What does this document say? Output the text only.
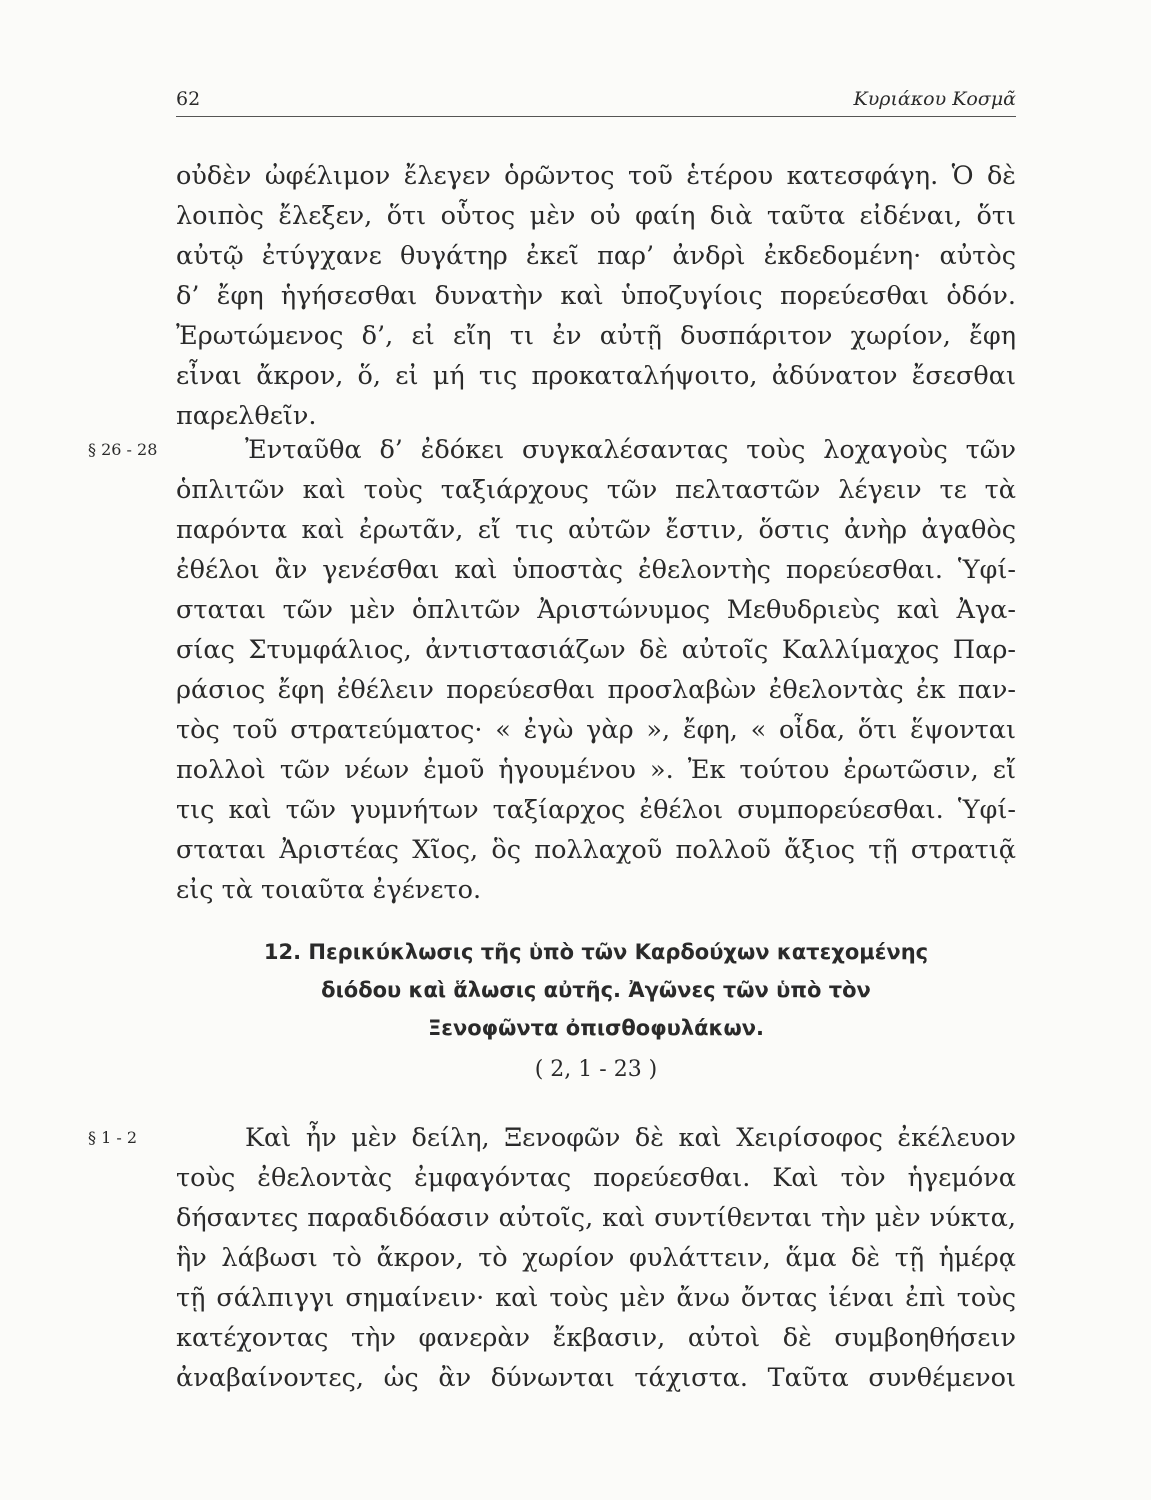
62	Κυριάκου Κοσμᾶ
οὐδὲν ὠφέλιμον ἔλεγεν ὁρῶντος τοῦ ἑτέρου κατεσφάγη. Ὁ δὲ
λοιπὸς ἔλεξεν, ὅτι οὗτος μὲν οὐ φαίη διὰ ταῦτα εἰδέναι, ὅτι
αὐτῷ ἐτύγχανε θυγάτηρ ἐκεῖ παρ’ ἀνδρὶ ἐκδεδομένη· αὐτὸς
δ’ ἔφη ἡγήσεσθαι δυνατὴν καὶ ὑποζυγίοις πορεύεσθαι ὁδόν.
Ἐρωτώμενος δ’, εἰ εἴη τι ἐν αὐτῇ δυσπάριτον χωρίον, ἔφη
εἶναι ἄκρον, ὅ, εἰ μή τις προκαταλήψοιτο, ἀδύνατον ἔσεσθαι
παρελθεῖν.
§ 26 - 28	Ἐνταῦθα δ’ ἐδόκει συγκαλέσαντας τοὺς λοχαγοὺς τῶν
ὁπλιτῶν καὶ τοὺς ταξιάρχους τῶν πελταστῶν λέγειν τε τὰ
παρόντα καὶ ἐρωτᾶν, εἴ τις αὐτῶν ἔστιν, ὅστις ἀνὴρ ἀγαθὸς
ἐθέλοι ἂν γενέσθαι καὶ ὑποστὰς ἐθελοντὴς πορεύεσθαι. Ὑφί-
σταται τῶν μὲν ὁπλιτῶν Ἀριστώνυμος Μεθυδριεὺς καὶ Ἀγα-
σίας Στυμφάλιος, ἀντιστασιάζων δὲ αὐτοῖς Καλλίμαχος Παρ-
ράσιος ἔφη ἐθέλειν πορεύεσθαι προσλαβὼν ἐθελοντὰς ἐκ παν-
τὸς τοῦ στρατεύματος· « ἐγὼ γὰρ », ἔφη, « οἶδα, ὅτι ἕψονται
πολλοὶ τῶν νέων ἐμοῦ ἡγουμένου ». Ἐκ τούτου ἐρωτῶσιν, εἴ
τις καὶ τῶν γυμνήτων ταξίαρχος ἐθέλοι συμπορεύεσθαι. Ὑφί-
σταται Ἀριστέας Χῖος, ὃς πολλαχοῦ πολλοῦ ἄξιος τῇ στρατιᾷ
εἰς τὰ τοιαῦτα ἐγένετο.
12. Περικύκλωσις τῆς ὑπὸ τῶν Καρδούχων κατεχομένης
διόδου καὶ ἅλωσις αὐτῆς. Ἀγῶνες τῶν ὑπὸ τὸν
Ξενοφῶντα ὀπισθοφυλάκων.
( 2, 1 - 23 )
§ 1 - 2	Καὶ ἦν μὲν δείλη, Ξενοφῶν δὲ καὶ Χειρίσοφος ἐκέλευον
τοὺς ἐθελοντὰς ἐμφαγόντας πορεύεσθαι. Καὶ τὸν ἡγεμόνα
δήσαντες παραδιδόασιν αὐτοῖς, καὶ συντίθενται τὴν μὲν νύκτα,
ἣν λάβωσι τὸ ἄκρον, τὸ χωρίον φυλάττειν, ἅμα δὲ τῇ ἡμέρᾳ
τῇ σάλπιγγι σημαίνειν· καὶ τοὺς μὲν ἄνω ὄντας ἰέναι ἐπὶ τοὺς
κατέχοντας τὴν φανερὰν ἔκβασιν, αὐτοὶ δὲ συμβοηθήσειν
ἀναβαίνοντες, ὡς ἂν δύνωνται τάχιστα. Ταῦτα συνθέμενοι
